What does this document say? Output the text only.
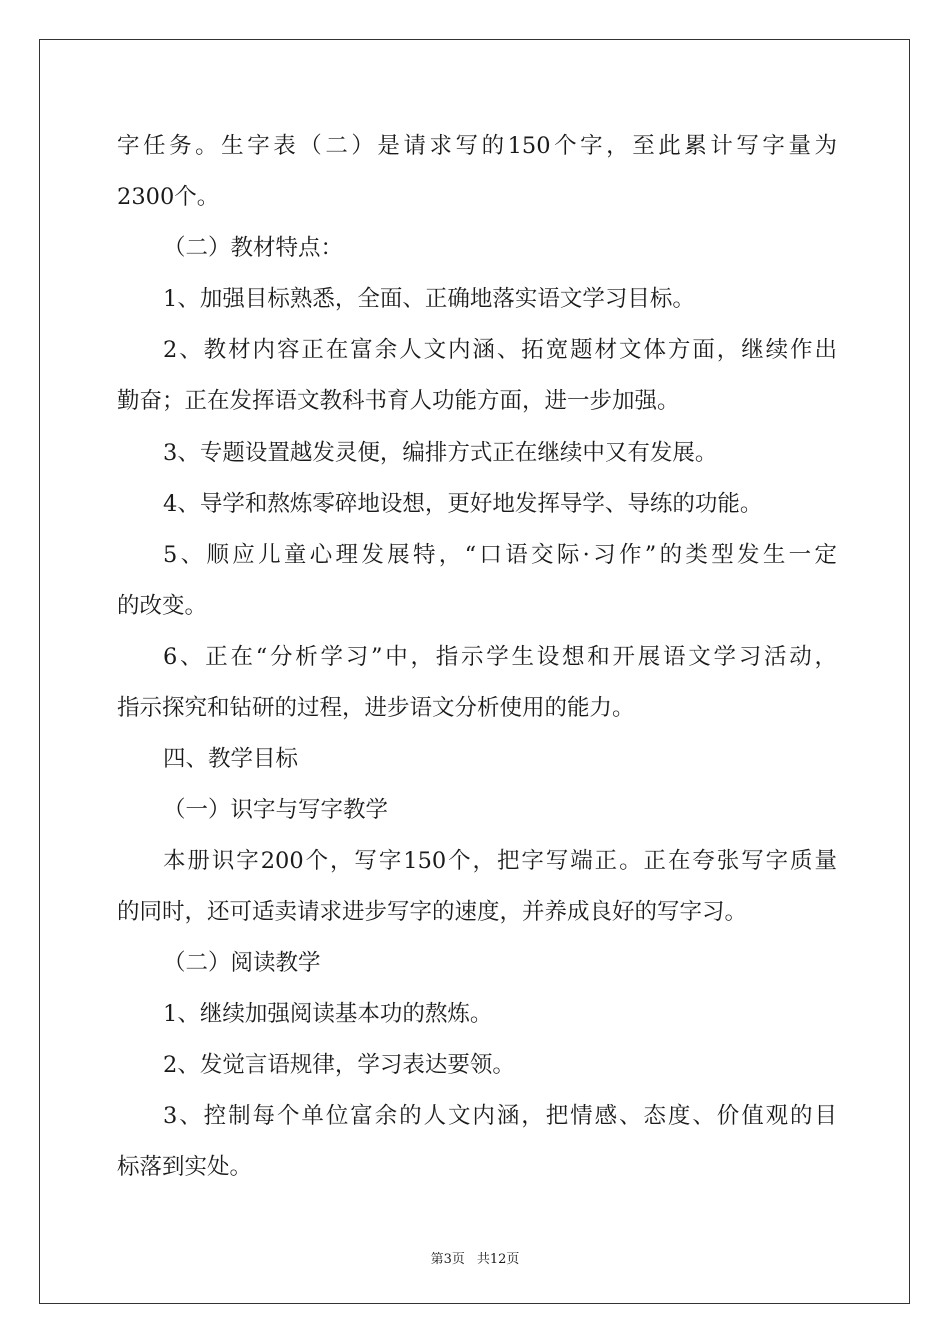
字任务。生字表（二）是请求写的150个字，至此累计写字量为
2300个。
（二）教材特点：
1、加强目标熟悉，全面、正确地落实语文学习目标。
2、教材内容正在富余人文内涵、拓宽题材文体方面，继续作出
勤奋；正在发挥语文教科书育人功能方面，进一步加强。
3、专题设置越发灵便，编排方式正在继续中又有发展。
4、导学和熬炼零碎地设想，更好地发挥导学、导练的功能。
5、顺应儿童心理发展特，“口语交际·习作”的类型发生一定
的改变。
6、正在“分析学习”中，指示学生设想和开展语文学习活动，
指示探究和钻研的过程，进步语文分析使用的能力。
四、教学目标
（一）识字与写字教学
本册识字200个，写字150个，把字写端正。正在夸张写字质量
的同时，还可适卖请求进步写字的速度，并养成良好的写字习。
（二）阅读教学
1、继续加强阅读基本功的熬炼。
2、发觉言语规律，学习表达要领。
3、控制每个单位富余的人文内涵，把情感、态度、价值观的目
标落到实处。
第3页 共12页
